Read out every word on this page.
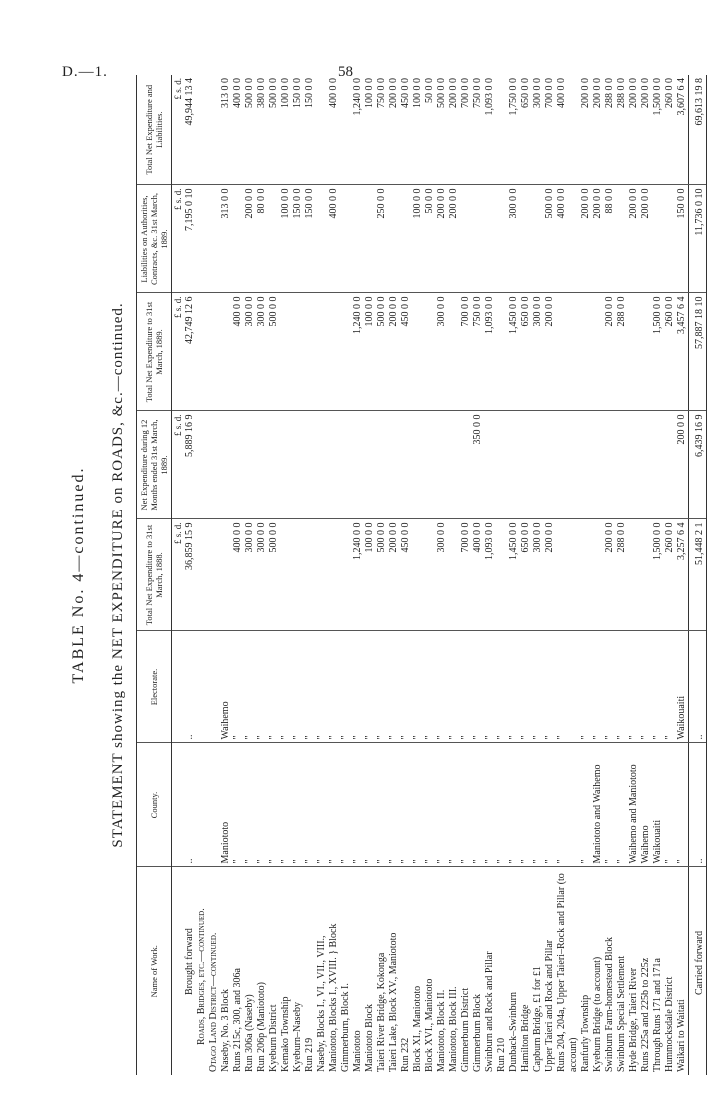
D.—1.	58
TABLE No. 4—continued. STATEMENT showing the NET EXPENDITURE on ROADS, &c.—continued.
Name of Work.	County.	Electorate.	Total Net Expenditure to 31st March, 1888.	Net Expenditure during 12 Months ended 31st March, 1889.	Total Net Expenditure to 31st March, 1889.	Liabilities on Authorities, Contracts, &c. 31st March, 1889.	Total Net Expenditure and Liabilities.
			£ s. d.	£ s. d.	£ s. d.	£ s. d.	£ s. d.
Brought forward	..	..	36,859 15 9	5,889 16 9	42,749 12 6	7,195 0 10	49,944 13 4
Roads, Bridges, etc.—continued.							
Otago Land District—continued.							
Naseby, No. 3 Block	Maniototo	Waihemo				313 0 0	313 0 0
Runs 215c, 300, and 306a	"	"	400 0 0		400 0 0		400 0 0
Run 306a (Naseby)	"	"	300 0 0		300 0 0	200 0 0	500 0 0
Run 206p (Maniototo)	"	"	300 0 0		300 0 0	80 0 0	380 0 0
Kyeburn District	"	"	500 0 0		500 0 0		500 0 0
Kemako Township	"	"				100 0 0	100 0 0
Kyeburn–Naseby	"	"				150 0 0	150 0 0
Run 219	"	"				150 0 0	150 0 0
Naseby, Blocks I., VI., VII., VIII.,	"	"					
Maniototo, Blocks I., XVIII. } Block	"	"				400 0 0	400 0 0
Gimmerburn, Block I.	"	"					
Maniototo	"	"	1,240 0 0		1,240 0 0		1,240 0 0
Maniototo Block	"	"	100 0 0		100 0 0		100 0 0
Taieri River Bridge, Kokonga	"	"	500 0 0		500 0 0	250 0 0	750 0 0
Taieri Lake, Block XV., Maniototo	"	"	200 0 0		200 0 0		200 0 0
Run 232	"	"	450 0 0		450 0 0		450 0 0
Block XI., Maniototo	"	"				100 0 0	100 0 0
Block XVI., Maniototo	"	"				50 0 0	50 0 0
Maniototo, Block II.	"	"	300 0 0		300 0 0	200 0 0	500 0 0
Maniototo, Block III.	"	"				200 0 0	200 0 0
Gimmerburn District	"	"	700 0 0		700 0 0		700 0 0
Gimmerburn Block	"	"	400 0 0	350 0 0	750 0 0		750 0 0
Swinburn and Rock and Pillar	"	"	1,093 0 0		1,093 0 0		1,093 0 0
Run 210	"	"					
Dunback–Swinburn	"	"	1,450 0 0		1,450 0 0	300 0 0	1,750 0 0
Hamilton Bridge	"	"	650 0 0		650 0 0		650 0 0
Capburn Bridge, £1 for £1	"	"	300 0 0		300 0 0		300 0 0
Upper Taieri and Rock and Pillar	"	"	200 0 0		200 0 0	500 0 0	700 0 0
Runs 204, 204a, Upper Taieri–Rock and Pillar (to	"	"				400 0 0	400 0 0
account)							
Ranfurly Township	"	"				200 0 0	200 0 0
Kyeburn Bridge (to account)	Maniototo and Waihemo	"				200 0 0	200 0 0
Swinburn Farm-homestead Block	"	"	200 0 0		200 0 0	88 0 0	288 0 0
Swinburn Special Settlement	"	"	288 0 0		288 0 0		288 0 0
Hyde Bridge, Taieri River	Waihemo and Maniototo	"				200 0 0	200 0 0
Runs 225a and 225b to 225z	Waihemo	"				200 0 0	200 0 0
Through Runs 171 and 171a	Waikouaiti	"	1,500 0 0		1,500 0 0		1,500 0 0
Hummocksdale District	"	"	260 0 0		260 0 0		260 0 0
Waikari to Waitati	"	Waikouaiti	3,257 6 4	200 0 0	3,457 6 4	150 0 0	3,607 6 4
Carried forward	..	..	51,448 2 1	6,439 16 9	57,887 18 10	11,736 0 10	69,613 19 8
